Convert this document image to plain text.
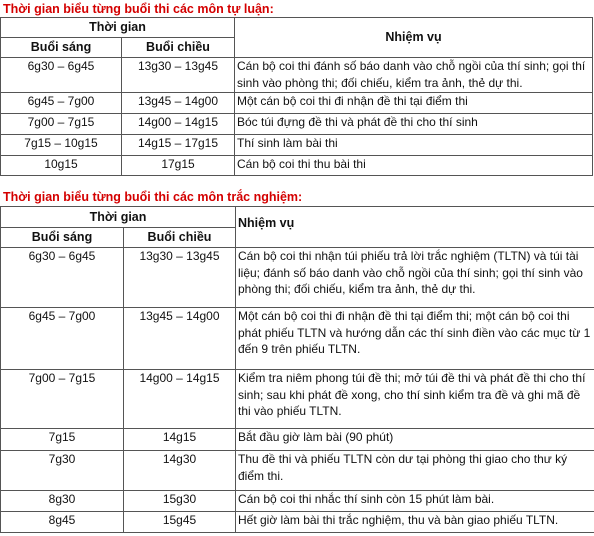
Thời gian biểu từng buổi thi các môn tự luận:
Thời gian		Nhiệm vụ
Buổi sáng	Buổi chiều	
6g30 – 6g45	13g30 – 13g45	Cán bộ coi thi đánh số báo danh vào chỗ ngồi của thí sinh; gọi thí sinh vào phòng thi; đối chiếu, kiểm tra ảnh, thẻ dự thi.
6g45 – 7g00	13g45 – 14g00	Một cán bộ coi thi đi nhận đề thi tại điểm thi
7g00 – 7g15	14g00 – 14g15	Bóc túi đựng đề thi và phát đề thi cho thí sinh
7g15 – 10g15	14g15 – 17g15	Thí sinh làm bài thi
10g15	17g15	Cán bộ coi thi thu bài thi
Thời gian biểu từng buổi thi các môn trắc nghiệm:
Thời gian		Nhiệm vụ
Buổi sáng	Buổi chiều	
6g30 – 6g45	13g30 – 13g45	Cán bộ coi thi nhận túi phiếu trả lời trắc nghiệm (TLTN) và túi tài liệu; đánh số báo danh vào chỗ ngồi của thí sinh; gọi thí sinh vào phòng thi; đối chiếu, kiểm tra ảnh, thẻ dự thi.
6g45 – 7g00	13g45 – 14g00	Một cán bộ coi thi đi nhận đề thi tại điểm thi; một cán bộ coi thi phát phiếu TLTN và hướng dẫn các thí sinh điền vào các mục từ 1 đến 9 trên phiếu TLTN.
7g00 – 7g15	14g00 – 14g15	Kiểm tra niêm phong túi đề thi; mở túi đề thi và phát đề thi cho thí sinh; sau khi phát đề xong, cho thí sinh kiểm tra đề và ghi mã đề thi vào phiếu TLTN.
7g15	14g15	Bắt đầu giờ làm bài (90 phút)
7g30	14g30	Thu đề thi và phiếu TLTN còn dư tại phòng thi giao cho thư ký điểm thi.
8g30	15g30	Cán bộ coi thi nhắc thí sinh còn 15 phút làm bài.
8g45	15g45	Hết giờ làm bài thi trắc nghiệm, thu và bàn giao phiếu TLTN.
